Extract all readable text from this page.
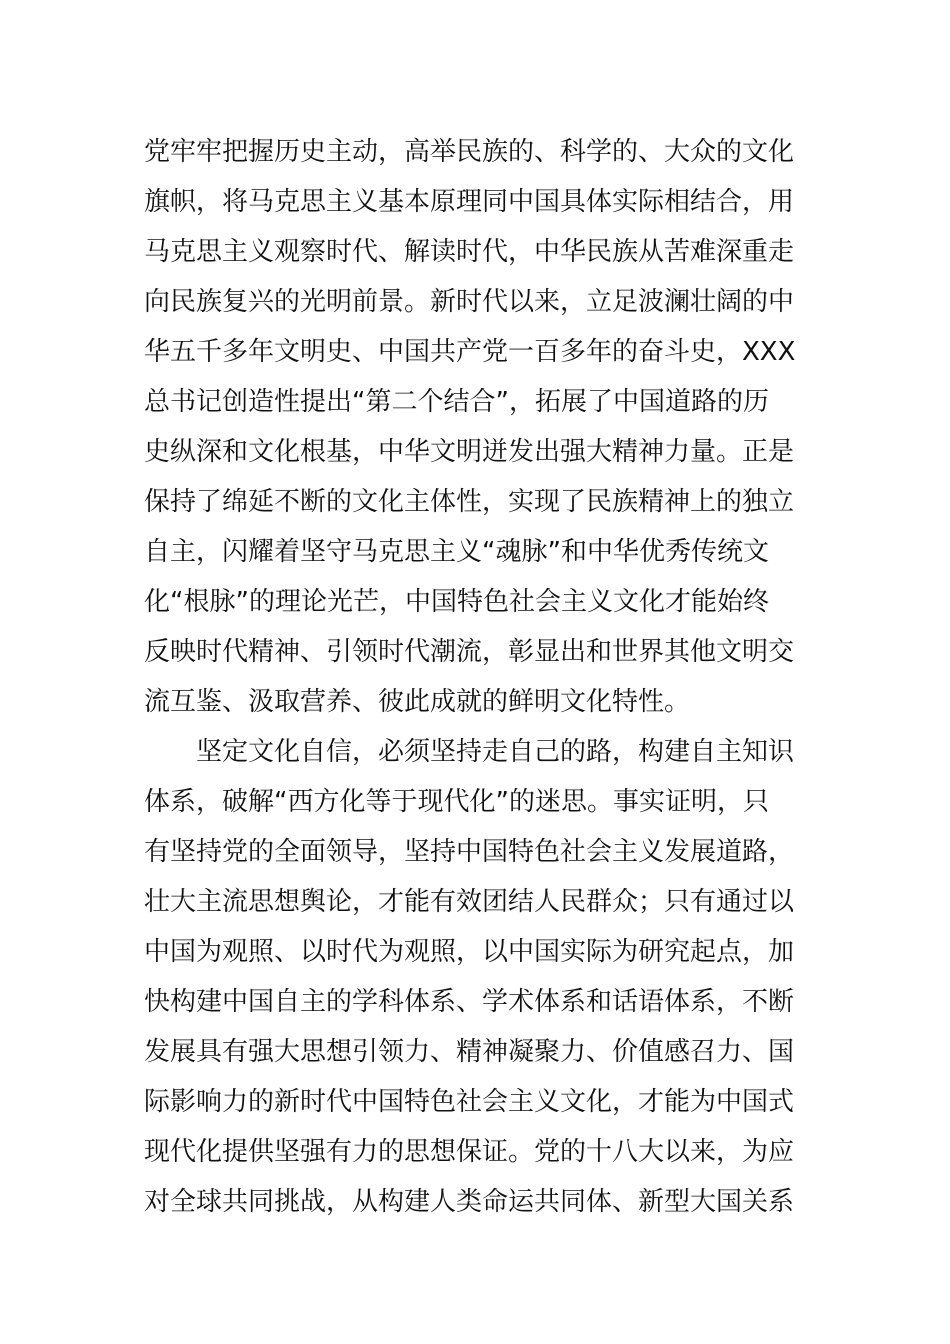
党牢牢把握历史主动，高举民族的、科学的、大众的文化
旗帜，将马克思主义基本原理同中国具体实际相结合，用
马克思主义观察时代、解读时代，中华民族从苦难深重走
向民族复兴的光明前景。新时代以来，立足波澜壮阔的中
华五千多年文明史、中国共产党一百多年的奋斗史，XXX
总书记创造性提出“第二个结合”，拓展了中国道路的历
史纵深和文化根基，中华文明迸发出强大精神力量。正是
保持了绵延不断的文化主体性，实现了民族精神上的独立
自主，闪耀着坚守马克思主义“魂脉”和中华优秀传统文
化“根脉”的理论光芒，中国特色社会主义文化才能始终
反映时代精神、引领时代潮流，彰显出和世界其他文明交
流互鉴、汲取营养、彼此成就的鲜明文化特性。
坚定文化自信，必须坚持走自己的路，构建自主知识
体系，破解“西方化等于现代化”的迷思。事实证明，只
有坚持党的全面领导，坚持中国特色社会主义发展道路，
壮大主流思想舆论，才能有效团结人民群众；只有通过以
中国为观照、以时代为观照，以中国实际为研究起点，加
快构建中国自主的学科体系、学术体系和话语体系，不断
发展具有强大思想引领力、精神凝聚力、价值感召力、国
际影响力的新时代中国特色社会主义文化，才能为中国式
现代化提供坚强有力的思想保证。党的十八大以来，为应
对全球共同挑战，从构建人类命运共同体、新型大国关系
